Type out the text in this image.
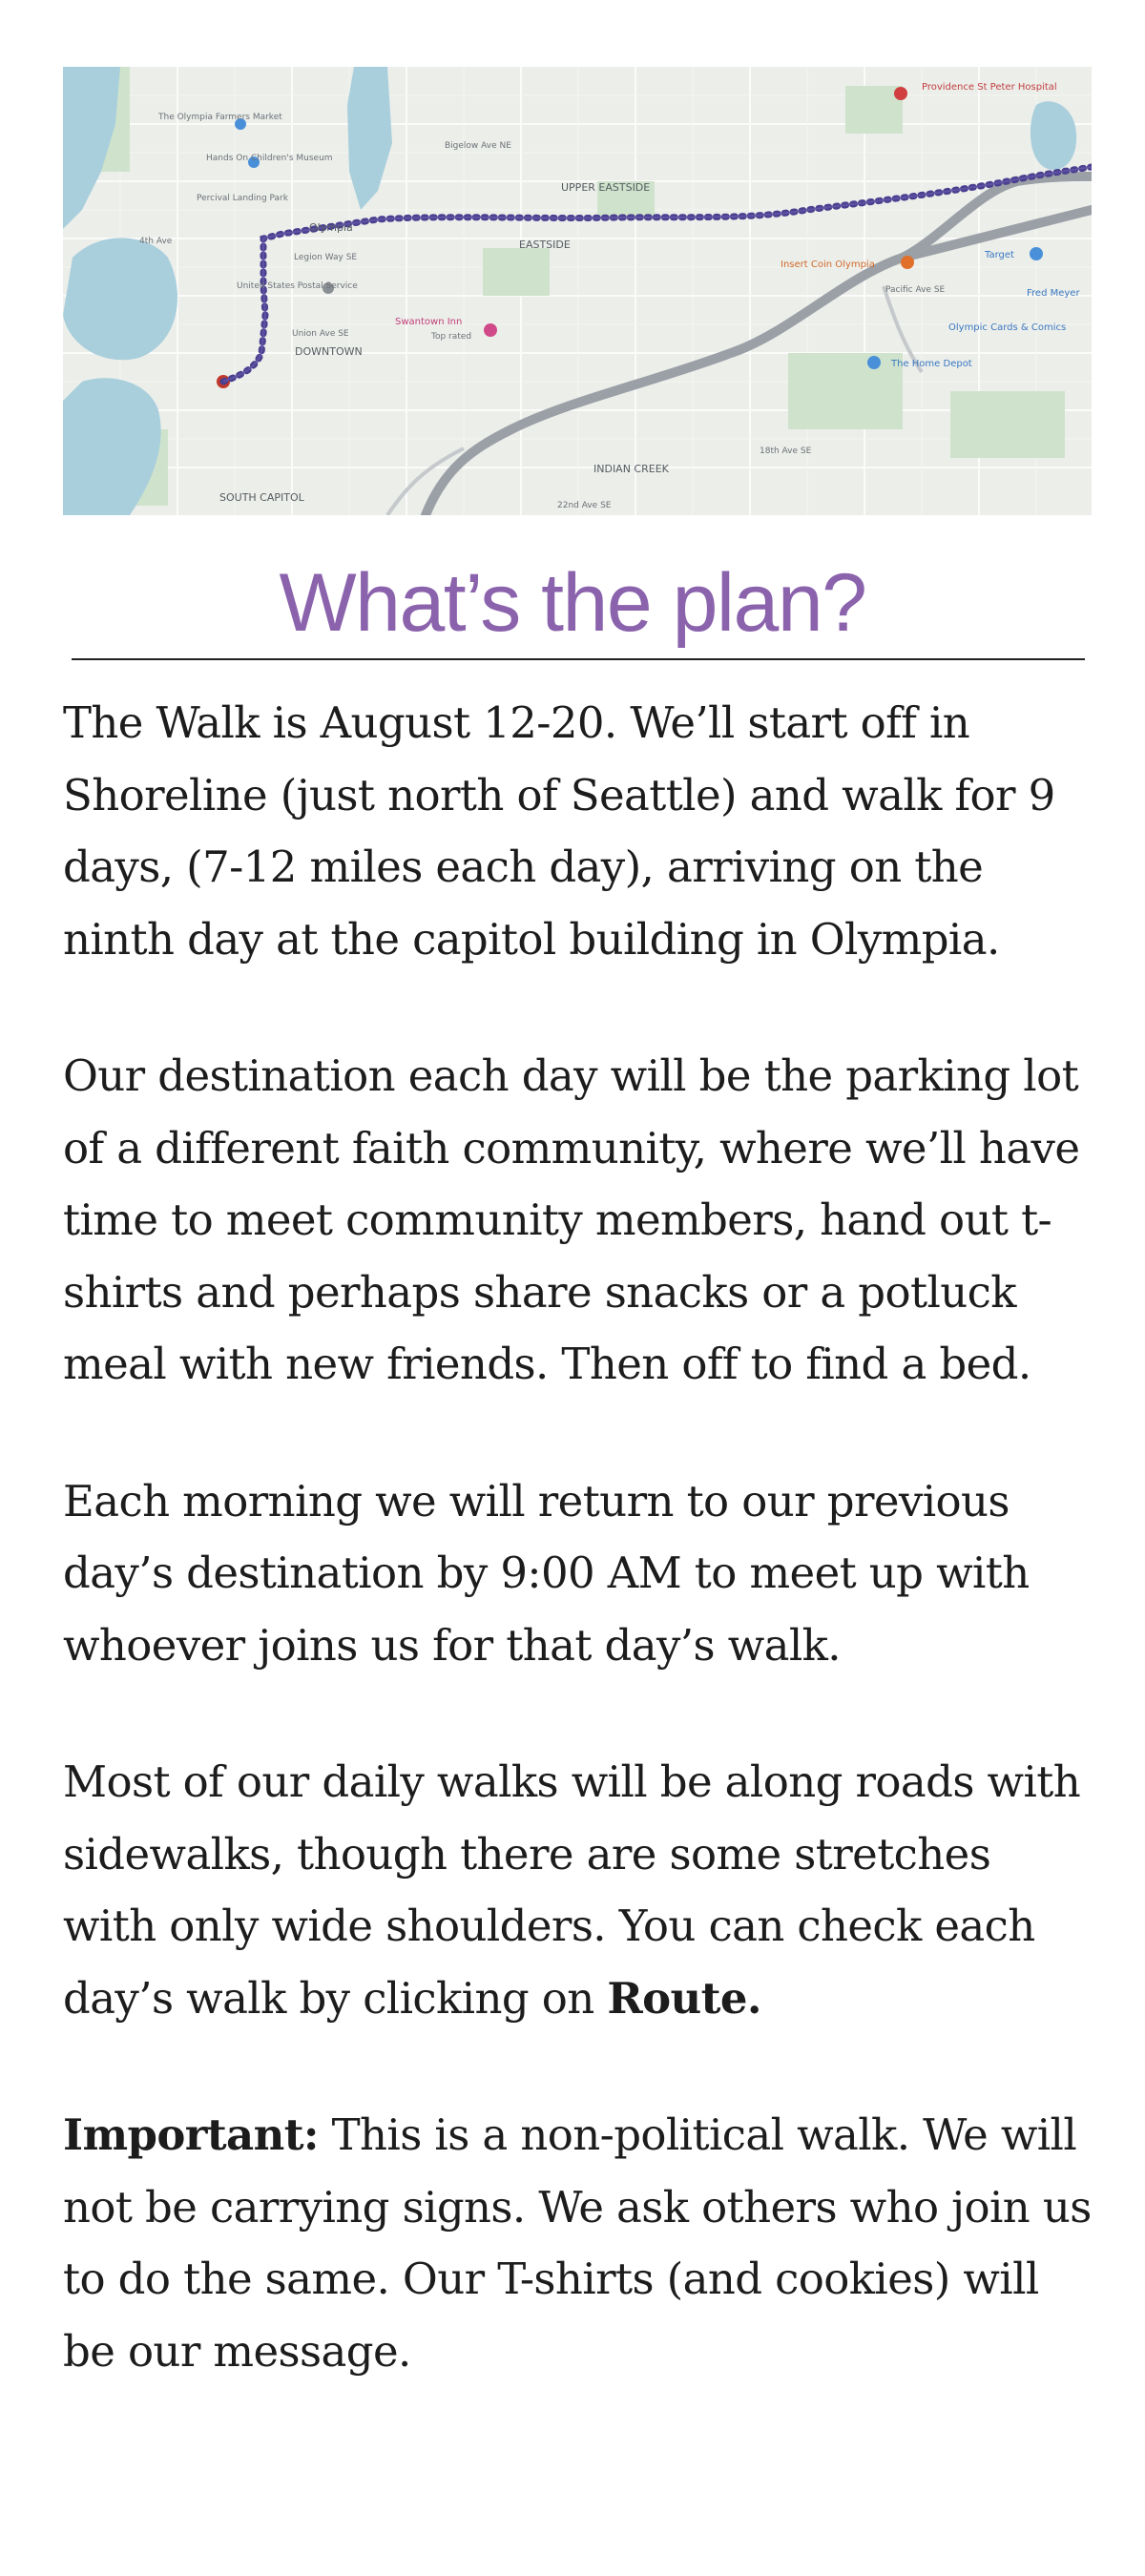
The Olympia Farmers Market
Hands On Children's Museum
Percival Landing Park
Olympia
4th Ave
Legion Way SE
United States Postal Service
Union Ave SE
DOWNTOWN
Swantown Inn
Top rated
Bigelow Ave NE
UPPER EASTSIDE
EASTSIDE
Insert Coin Olympia
Target
Fred Meyer
Pacific Ave SE
Olympic Cards & Comics
The Home Depot
Providence St Peter Hospital
INDIAN CREEK
18th Ave SE
22nd Ave SE
SOUTH CAPITOL
What’s the plan?

The Walk is August 12-20. We’ll start off in Shoreline (just north of Seattle) and walk for 9 days, (7-12 miles each day), arriving on the ninth day at the capitol building in Olympia.

Our destination each day will be the parking lot of a different faith community, where we’ll have time to meet community members, hand out t-shirts and perhaps share snacks or a potluck meal with new friends. Then off to find a bed.

Each morning we will return to our previous day’s destination by 9:00 AM to meet up with whoever joins us for that day’s walk.

Most of our daily walks will be along roads with sidewalks, though there are some stretches with only wide shoulders. You can check each day’s walk by clicking on Route.

Important: This is a non-political walk. We will not be carrying signs. We ask others who join us to do the same. Our T-shirts (and cookies) will be our message.
